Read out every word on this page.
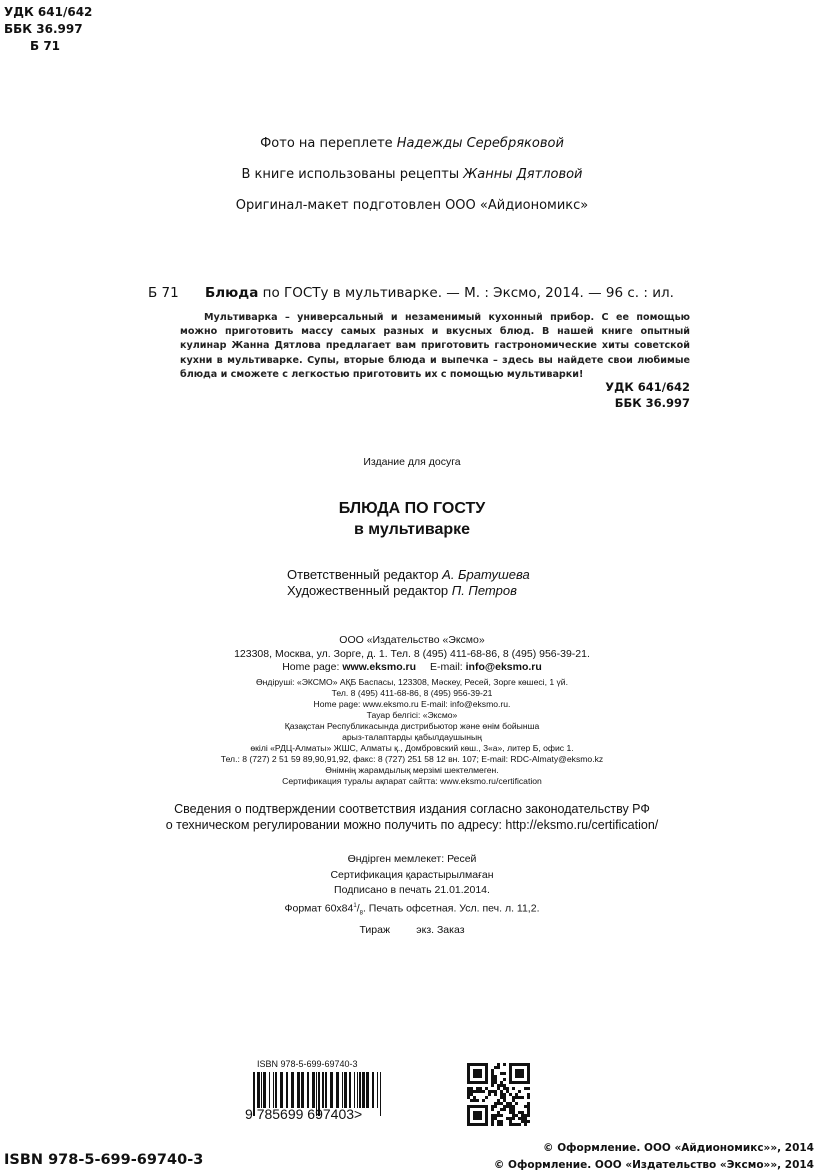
УДК 641/642
ББК 36.997
Б 71
Фото на переплете Надежды Серебряковой
В книге использованы рецепты Жанны Дятловой
Оригинал-макет подготовлен ООО «Айдиономикс»
Б 71 Блюда по ГОСТу в мультиварке. — М. : Эксмо, 2014. — 96 с. : ил.
Мультиварка – универсальный и незаменимый кухонный прибор. С ее помощью можно приготовить массу самых разных и вкусных блюд. В нашей книге опытный кулинар Жанна Дятлова предлагает вам приготовить гастрономические хиты советской кухни в мультиварке. Супы, вторые блюда и выпечка – здесь вы найдете свои любимые блюда и сможете с легкостью приготовить их с помощью мультиварки!
УДК 641/642
ББК 36.997
Издание для досуга
БЛЮДА ПО ГОСТУ
в мультиварке
Ответственный редактор А. Братушева
Художественный редактор П. Петров
ООО «Издательство «Эксмо»
123308, Москва, ул. Зорге, д. 1. Тел. 8 (495) 411-68-86, 8 (495) 956-39-21.
Home page: www.eksmo.ru E-mail: info@eksmo.ru
Өндіруші: «ЭКСМО» АҚБ Баспасы, 123308, Мәскеу, Ресей, Зорге көшесі, 1 үй.
Тел. 8 (495) 411-68-86, 8 (495) 956-39-21
Home page: www.eksmo.ru E-mail: info@eksmo.ru.
Тауар белгісі: «Эксмо»
Қазақстан Республикасында дистрибьютор және өнім бойынша
арыз-талаптарды қабылдаушының
өкілі «РДЦ-Алматы» ЖШС, Алматы қ., Домбровский көш., 3«а», литер Б, офис 1.
Тел.: 8 (727) 2 51 59 89,90,91,92, факс: 8 (727) 251 58 12 вн. 107; E-mail: RDC-Almaty@eksmo.kz
Өнімнің жарамдылық мерзімі шектелмеген.
Сертификация туралы ақпарат сайтта: www.eksmo.ru/certification
Сведения о подтверждении соответствия издания согласно законодательству РФ
о техническом регулировании можно получить по адресу: http://eksmo.ru/certification/
Өндірген мемлекет: Ресей
Сертификация қарастырылмаған
Подписано в печать 21.01.2014.
Формат $60x84^1/_8$. Печать офсетная. Усл. печ. л. 11,2.
Тираж         экз. Заказ
ISBN 978-5-699-69740-3
9 785699 697403>
ISBN 978-5-699-69740-3
© Оформление. ООО «Айдиономикс»», 2014
© Оформление. ООО «Издательство «Эксмо»», 2014
